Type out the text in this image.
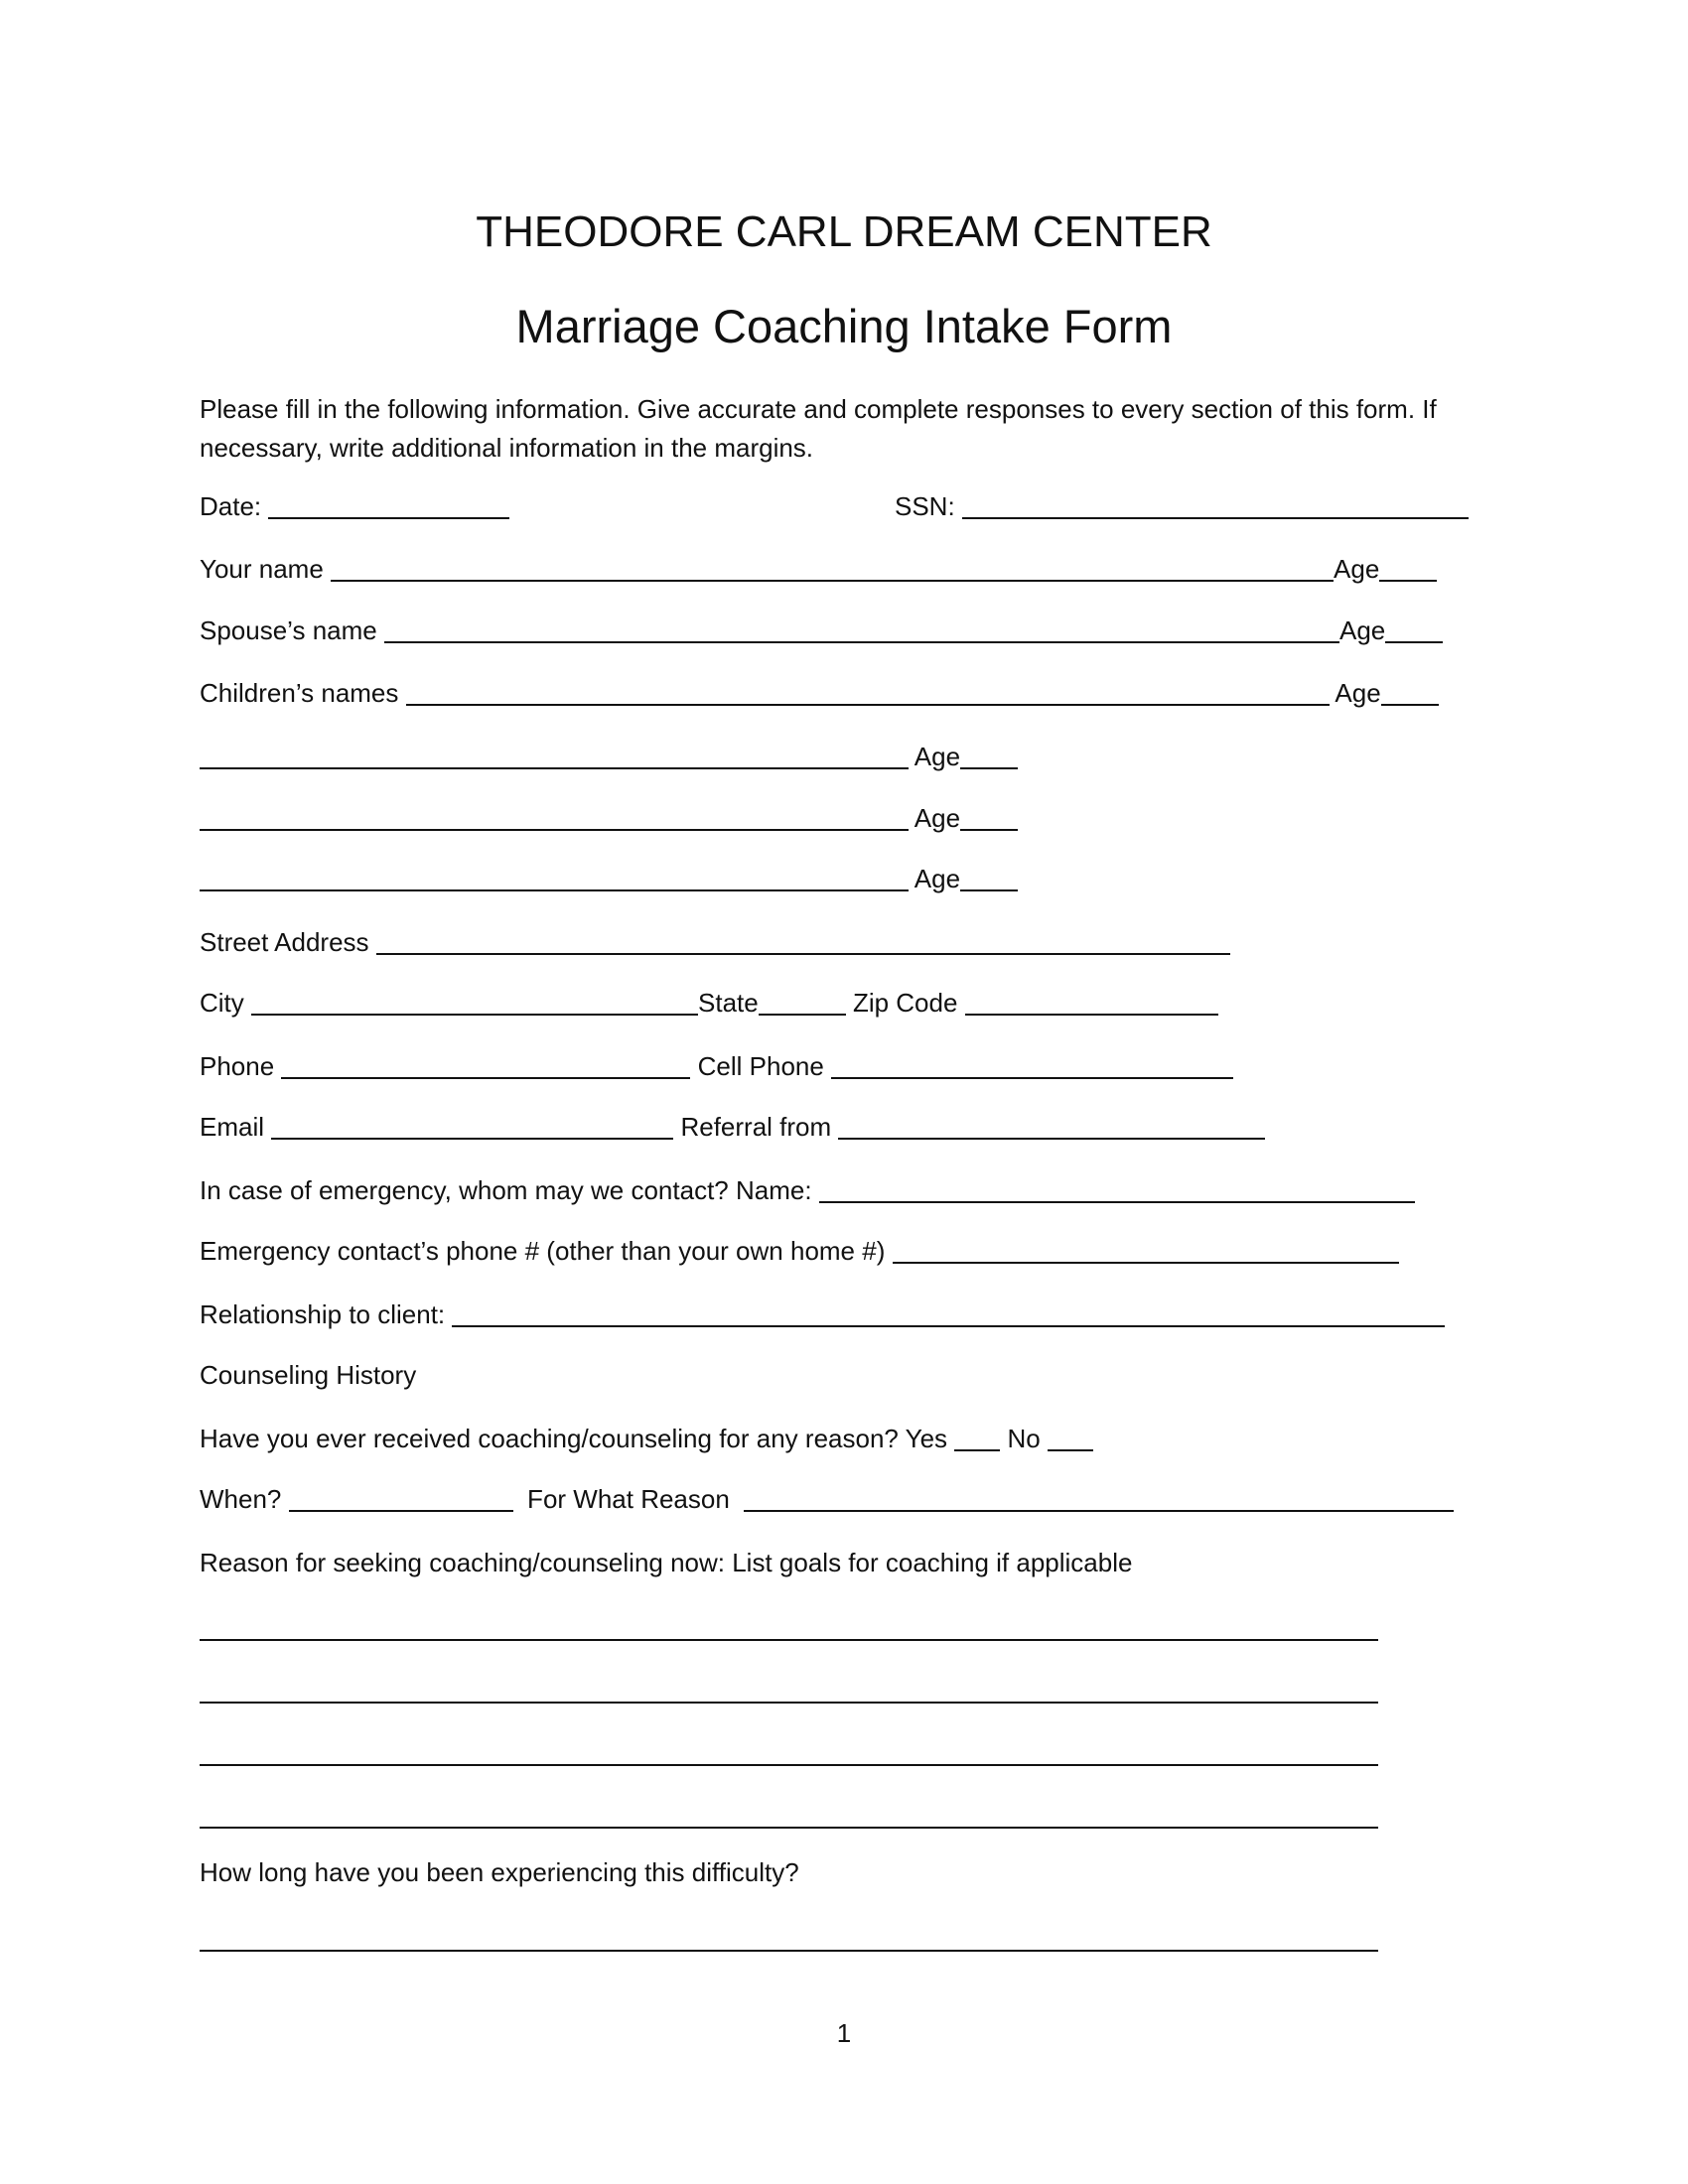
THEODORE CARL DREAM CENTER
Marriage Coaching Intake Form
Please fill in the following information. Give accurate and complete responses to every section of this form. If necessary, write additional information in the margins.
Date:	SSN:
Your name	Age
Spouse’s name	Age
Children’s names	Age
Age
Age
Age
Street Address
City	State	Zip Code
Phone	Cell Phone
Email	Referral from
In case of emergency, whom may we contact? Name:
Emergency contact’s phone # (other than your own home #)
Relationship to client:
Counseling History
Have you ever received coaching/counseling for any reason? Yes No
When?	For What Reason
Reason for seeking coaching/counseling now: List goals for coaching if applicable
How long have you been experiencing this difficulty?
1
